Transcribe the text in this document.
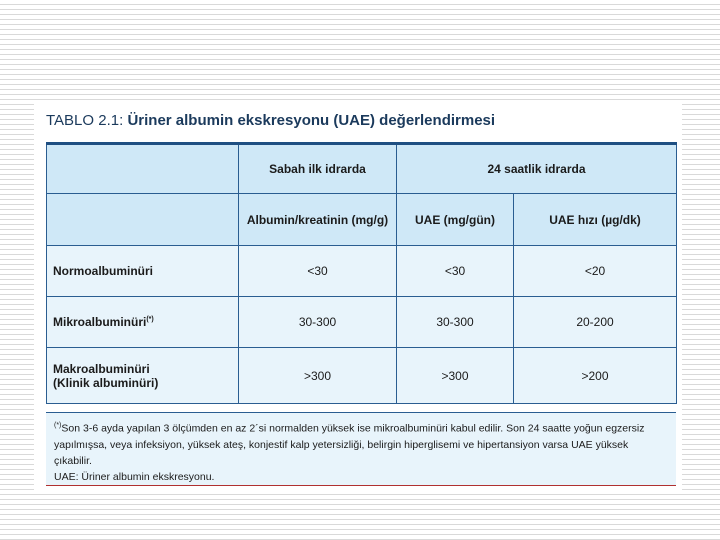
TABLO 2.1: Üriner albumin ekskresyonu (UAE) değerlendirmesi
	Sabah ilk idrarda	24 saatlik idrarda	
	Albumin/kreatinin (mg/g)	UAE (mg/gün)	UAE hızı (µg/dk)
Normoalbuminüri	<30	<30	<20
Mikroalbuminüri(*)	30-300	30-300	20-200

Makroalbuminüri
(Klinik albuminüri)	>300	>300	>200

(*)Son 3-6 ayda yapılan 3 ölçümden en az 2´si normalden yüksek ise mikroalbuminüri kabul edilir. Son 24 saatte yoğun egzersiz yapılmışsa, veya infeksiyon, yüksek ateş, konjestif kalp yetersizliği, belirgin hiperglisemi ve hipertansiyon varsa UAE yüksek çıkabilir.

UAE: Üriner albumin ekskresyonu.
